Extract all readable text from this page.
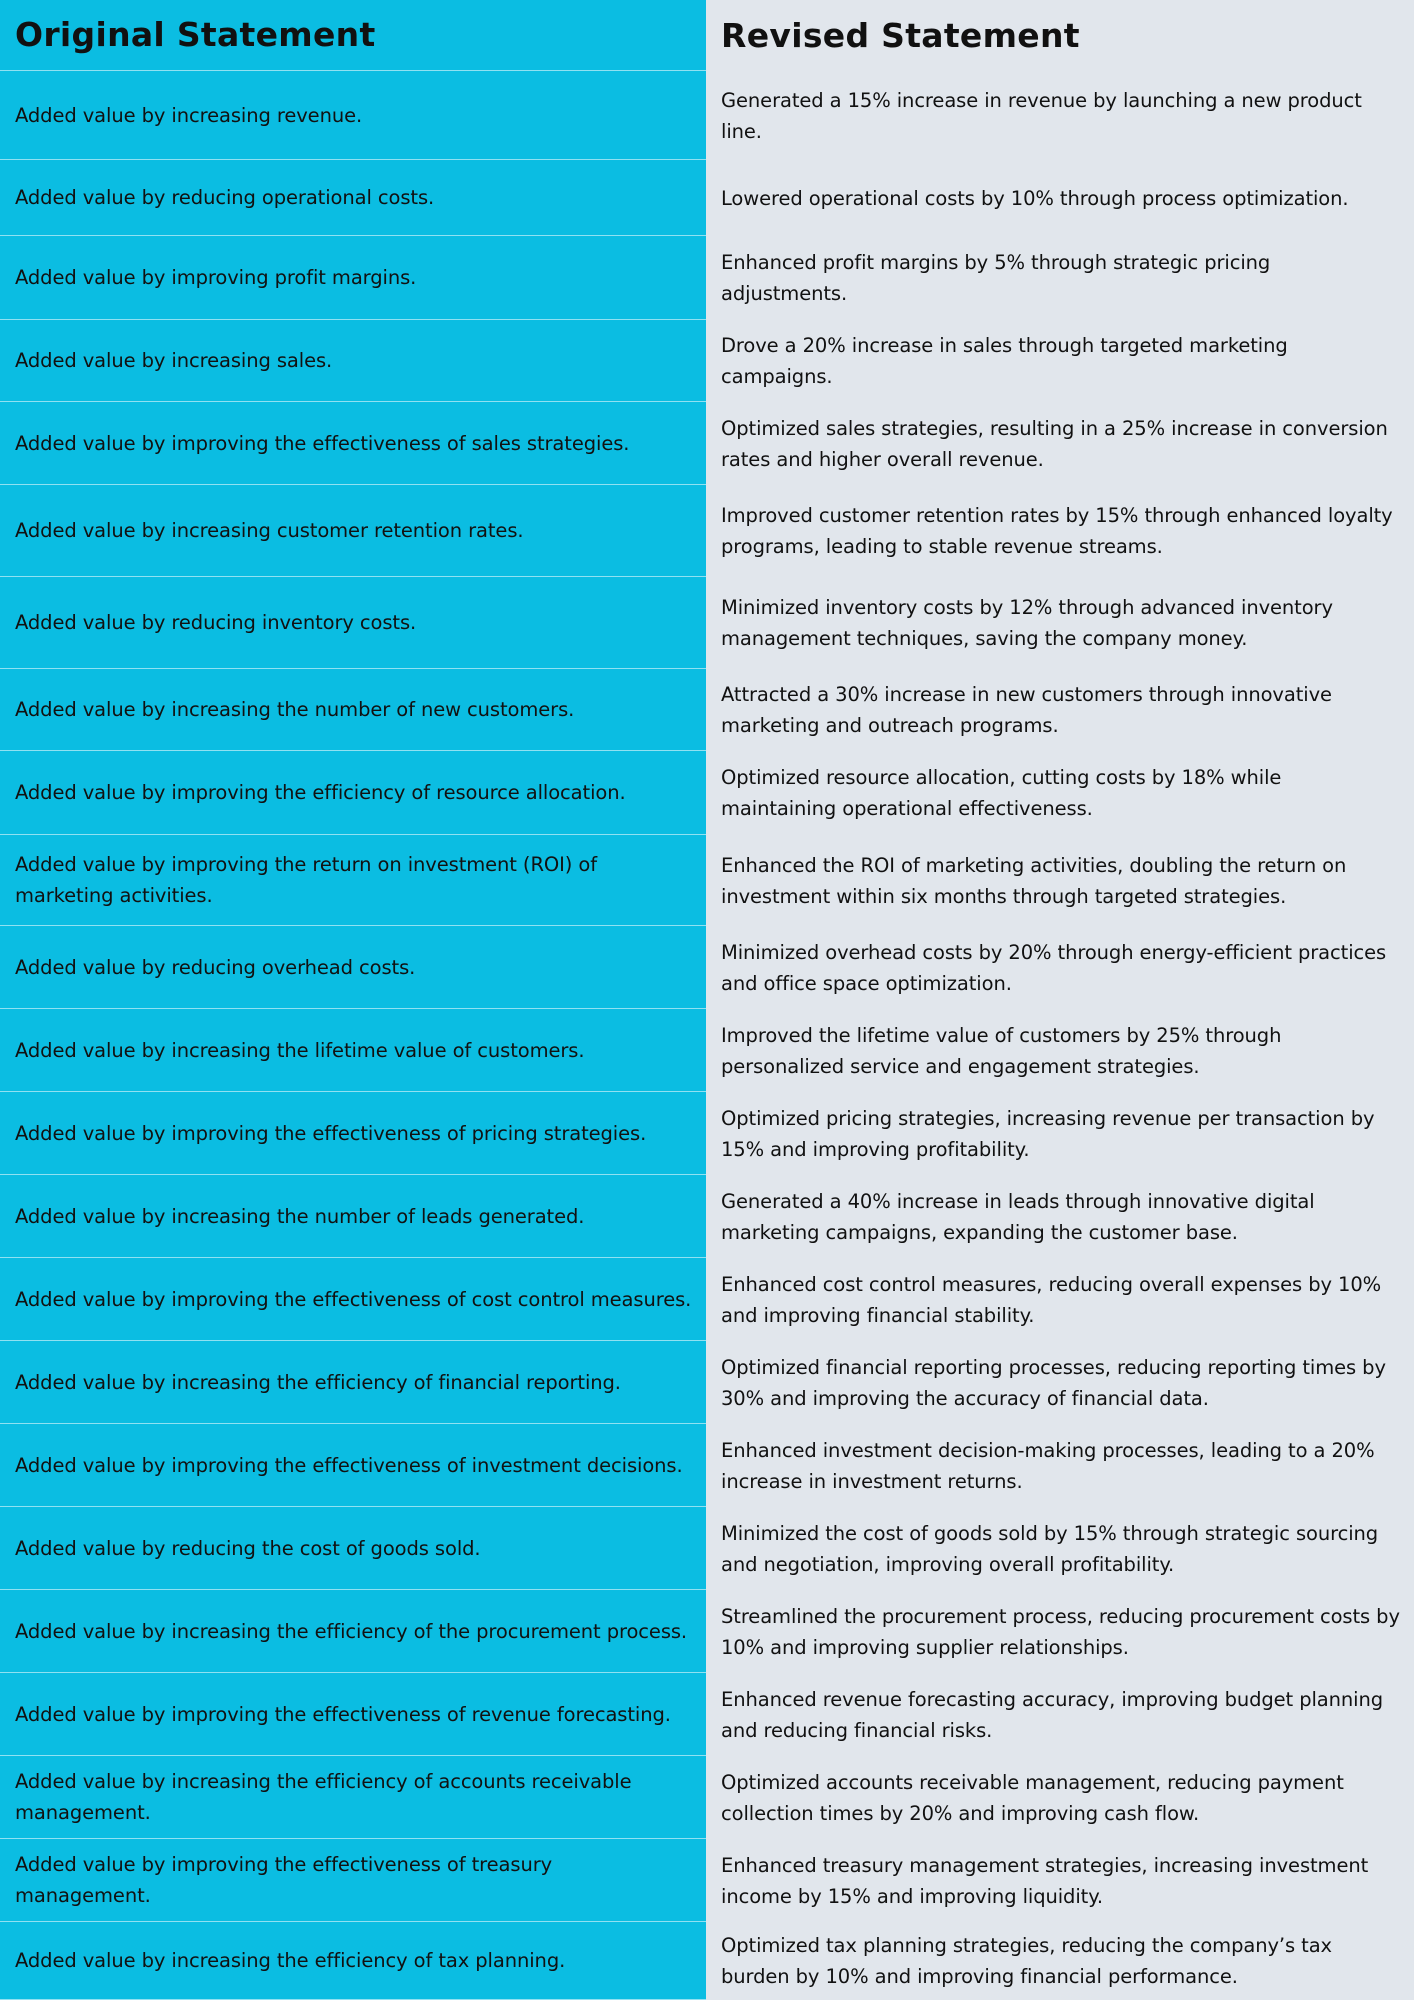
Original Statement	Revised Statement
Added value by increasing revenue.
Generated a 15% increase in revenue by launching a new product line.
Added value by reducing operational costs.	Lowered operational costs by 10% through process optimization.
Added value by improving profit margins.
Enhanced profit margins by 5% through strategic pricing adjustments.
Added value by increasing sales.
Drove a 20% increase in sales through targeted marketing campaigns.
Added value by improving the effectiveness of sales strategies.
Optimized sales strategies, resulting in a 25% increase in conversion rates and higher overall revenue.
Added value by increasing customer retention rates.
Improved customer retention rates by 15% through enhanced loyalty programs, leading to stable revenue streams.
Added value by reducing inventory costs.
Minimized inventory costs by 12% through advanced inventory management techniques, saving the company money.
Added value by increasing the number of new customers.
Attracted a 30% increase in new customers through innovative marketing and outreach programs.
Added value by improving the efficiency of resource allocation.
Optimized resource allocation, cutting costs by 18% while maintaining operational effectiveness.
Added value by improving the return on investment (ROI) of marketing activities.
Enhanced the ROI of marketing activities, doubling the return on investment within six months through targeted strategies.
Added value by reducing overhead costs.
Minimized overhead costs by 20% through energy-efficient practices and office space optimization.
Added value by increasing the lifetime value of customers.
Improved the lifetime value of customers by 25% through personalized service and engagement strategies.
Added value by improving the effectiveness of pricing strategies.
Optimized pricing strategies, increasing revenue per transaction by 15% and improving profitability.
Added value by increasing the number of leads generated.
Generated a 40% increase in leads through innovative digital marketing campaigns, expanding the customer base.
Added value by improving the effectiveness of cost control measures.
Enhanced cost control measures, reducing overall expenses by 10% and improving financial stability.
Added value by increasing the efficiency of financial reporting.
Optimized financial reporting processes, reducing reporting times by 30% and improving the accuracy of financial data.
Added value by improving the effectiveness of investment decisions.
Enhanced investment decision-making processes, leading to a 20% increase in investment returns.
Added value by reducing the cost of goods sold.
Minimized the cost of goods sold by 15% through strategic sourcing and negotiation, improving overall profitability.
Added value by increasing the efficiency of the procurement process.
Streamlined the procurement process, reducing procurement costs by 10% and improving supplier relationships.
Added value by improving the effectiveness of revenue forecasting.
Enhanced revenue forecasting accuracy, improving budget planning and reducing financial risks.
Added value by increasing the efficiency of accounts receivable management.
Optimized accounts receivable management, reducing payment collection times by 20% and improving cash flow.
Added value by improving the effectiveness of treasury management.
Enhanced treasury management strategies, increasing investment income by 15% and improving liquidity.
Added value by increasing the efficiency of tax planning.
Optimized tax planning strategies, reducing the company’s tax burden by 10% and improving financial performance.
